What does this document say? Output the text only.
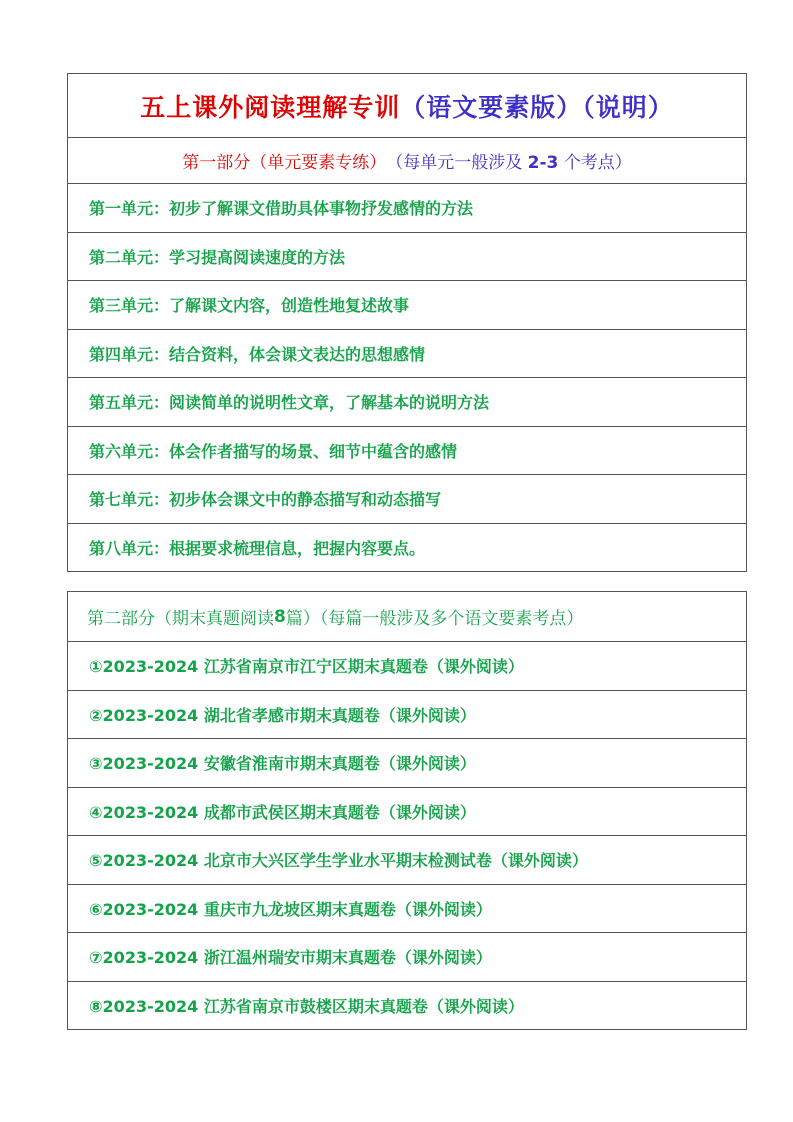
五上课外阅读理解专训 （语文要素版）（说明）
第一部分（单元要素专练） （每单元一般涉及 2-3 个考点）
第一单元：初步了解课文借助具体事物抒发感情的方法
第二单元：学习提高阅读速度的方法
第三单元：了解课文内容，创造性地复述故事
第四单元：结合资料，体会课文表达的思想感情
第五单元：阅读简单的说明性文章，了解基本的说明方法
第六单元：体会作者描写的场景、细节中蕴含的感情
第七单元：初步体会课文中的静态描写和动态描写
第八单元：根据要求梳理信息，把握内容要点。
第二部分（期末真题阅读 8 篇）（每篇一般涉及多个语文要素考点）
①2023-2024 江苏省南京市江宁区期末真题卷（课外阅读）
②2023-2024 湖北省孝感市期末真题卷（课外阅读）
③2023-2024 安徽省淮南市期末真题卷（课外阅读）
④2023-2024 成都市武侯区期末真题卷（课外阅读）
⑤2023-2024 北京市大兴区学生学业水平期末检测试卷（课外阅读）
⑥2023-2024 重庆市九龙坡区期末真题卷（课外阅读）
⑦2023-2024 浙江温州瑞安市期末真题卷（课外阅读）
⑧2023-2024 江苏省南京市鼓楼区期末真题卷（课外阅读）
